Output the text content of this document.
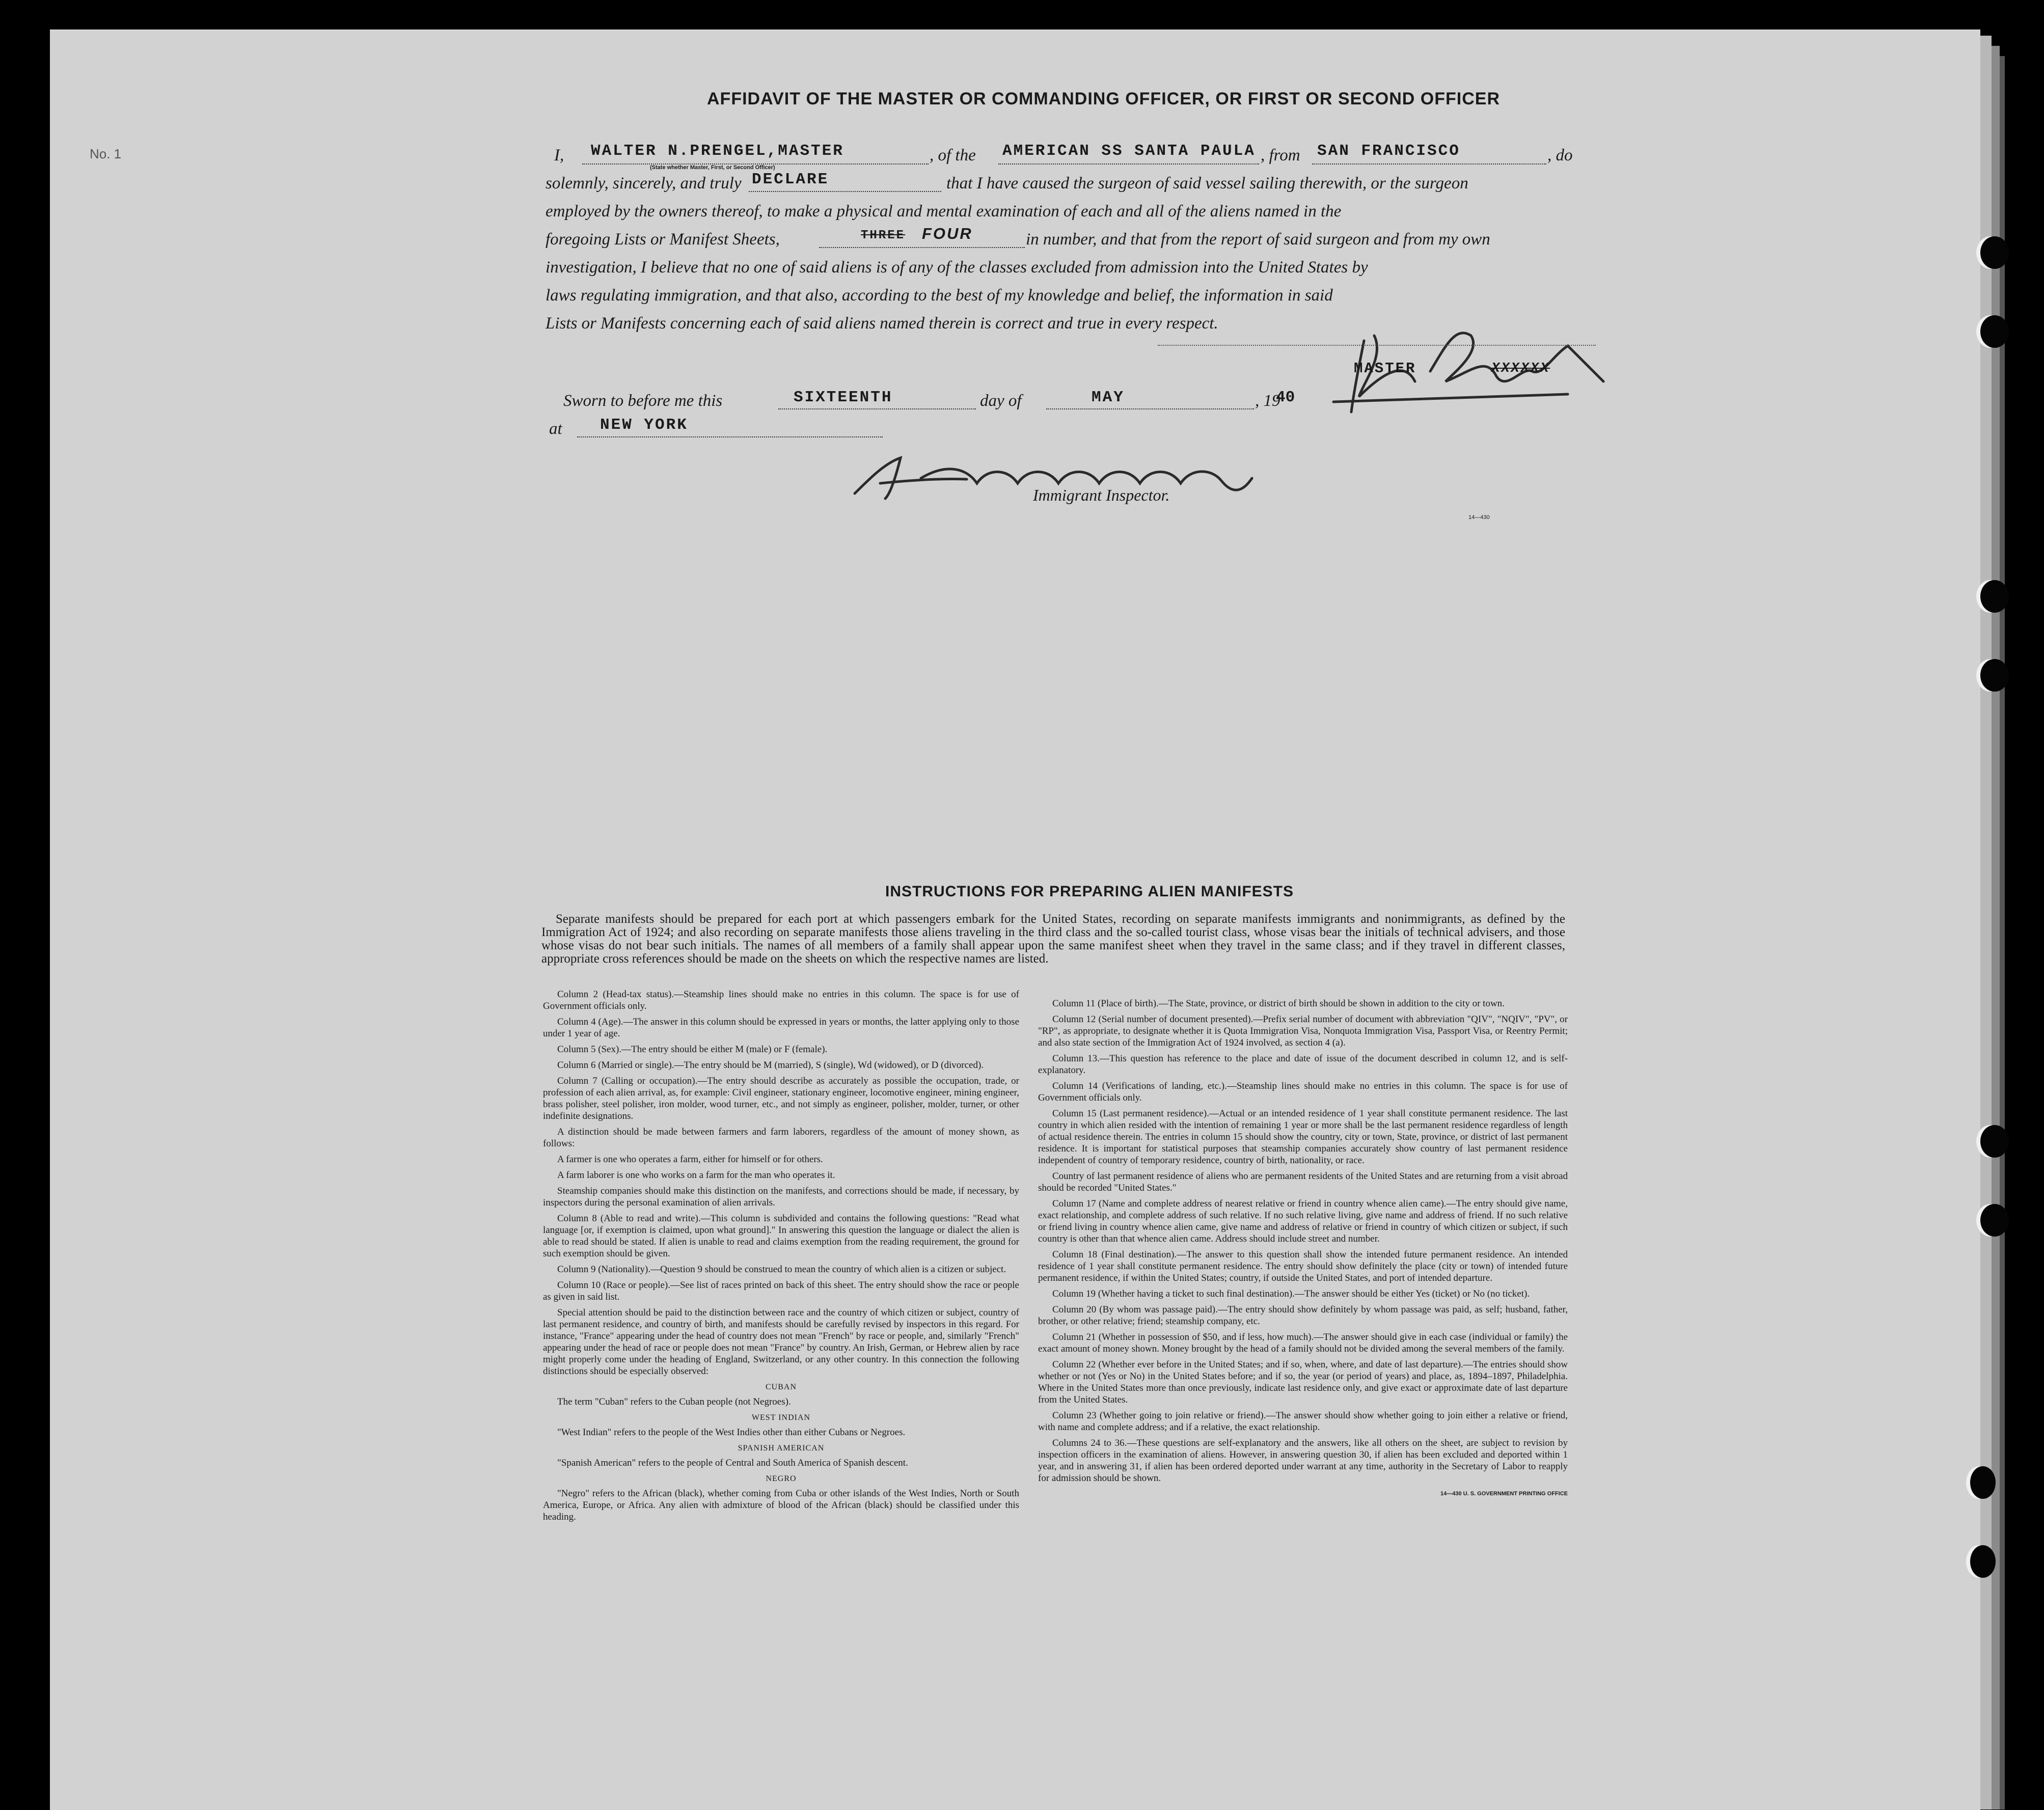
AFFIDAVIT OF THE MASTER OR COMMANDING OFFICER, OR FIRST OR SECOND OFFICER
No. 1	I, WALTER N.PRENGEL,MASTER	, of the AMERICAN SS SANTA PAULA , from SAN FRANCISCO	, do
(State whether Master, First, or Second Officer)
solemnly, sincerely, and truly DECLARE	that I have caused the surgeon of said vessel sailing therewith, or the surgeon
employed by the owners thereof, to make a physical and mental examination of each and all of the aliens named in the
foregoing Lists or Manifest Sheets,	THREE FOUR	in number, and that from the report of said surgeon and from my own
investigation, I believe that no one of said aliens is of any of the classes excluded from admission into the United States by
laws regulating immigration, and that also, according to the best of my knowledge and belief, the information in said
Lists or Manifests concerning each of said aliens named therein is correct and true in every respect.
MASTER	XXXXXX
Sworn to before me this	SIXTEENTH	day of	MAY	, 19
40
at NEW YORK
Immigrant Inspector.
14—430
INSTRUCTIONS FOR PREPARING ALIEN MANIFESTS

Separate manifests should be prepared for each port at which passengers embark for the United States, recording on separate manifests immigrants and nonimmigrants, as defined by the Immigration Act of 1924; and also recording on separate manifests those aliens traveling in the third class and the so-called tourist class, whose visas bear the initials of technical advisers, and those whose visas do not bear such initials. The names of all members of a family shall appear upon the same manifest sheet when they travel in the same class; and if they travel in different classes, appropriate cross references should be made on the sheets on which the respective names are listed.

Column 2 (Head-tax status).—Steamship lines should make no entries in this column. The space is for use of Government officials only.

Column 4 (Age).—The answer in this column should be expressed in years or months, the latter applying only to those under 1 year of age.

Column 5 (Sex).—The entry should be either M (male) or F (female).

Column 6 (Married or single).—The entry should be M (married), S (single), Wd (widowed), or D (divorced).

Column 7 (Calling or occupation).—The entry should describe as accurately as possible the occupation, trade, or profession of each alien arrival, as, for example: Civil engineer, stationary engineer, locomotive engineer, mining engineer, brass polisher, steel polisher, iron molder, wood turner, etc., and not simply as engineer, polisher, molder, turner, or other indefinite designations.

A distinction should be made between farmers and farm laborers, regardless of the amount of money shown, as follows:

A farmer is one who operates a farm, either for himself or for others.

A farm laborer is one who works on a farm for the man who operates it.

Steamship companies should make this distinction on the manifests, and corrections should be made, if necessary, by inspectors during the personal examination of alien arrivals.

Column 8 (Able to read and write).—This column is subdivided and contains the following questions: "Read what language [or, if exemption is claimed, upon what ground]." In answering this question the language or dialect the alien is able to read should be stated. If alien is unable to read and claims exemption from the reading requirement, the ground for such exemption should be given.

Column 9 (Nationality).—Question 9 should be construed to mean the country of which alien is a citizen or subject.

Column 10 (Race or people).—See list of races printed on back of this sheet. The entry should show the race or people as given in said list.

Special attention should be paid to the distinction between race and the country of which citizen or subject, country of last permanent residence, and country of birth, and manifests should be carefully revised by inspectors in this regard. For instance, "France" appearing under the head of country does not mean "French" by race or people, and, similarly "French" appearing under the head of race or people does not mean "France" by country. An Irish, German, or Hebrew alien by race might properly come under the heading of England, Switzerland, or any other country. In this connection the following distinctions should be especially observed:

CUBAN

The term "Cuban" refers to the Cuban people (not Negroes).

WEST INDIAN

"West Indian" refers to the people of the West Indies other than either Cubans or Negroes.

SPANISH AMERICAN

"Spanish American" refers to the people of Central and South America of Spanish descent.

NEGRO

"Negro" refers to the African (black), whether coming from Cuba or other islands of the West Indies, North or South America, Europe, or Africa. Any alien with admixture of blood of the African (black) should be classified under this heading.

Column 11 (Place of birth).—The State, province, or district of birth should be shown in addition to the city or town.

Column 12 (Serial number of document presented).—Prefix serial number of document with abbreviation "QIV", "NQIV", "PV", or "RP", as appropriate, to designate whether it is Quota Immigration Visa, Nonquota Immigration Visa, Passport Visa, or Reentry Permit; and also state section of the Immigration Act of 1924 involved, as section 4 (a).

Column 13.—This question has reference to the place and date of issue of the document described in column 12, and is self-explanatory.

Column 14 (Verifications of landing, etc.).—Steamship lines should make no entries in this column. The space is for use of Government officials only.

Column 15 (Last permanent residence).—Actual or an intended residence of 1 year shall constitute permanent residence. The last country in which alien resided with the intention of remaining 1 year or more shall be the last permanent residence regardless of length of actual residence therein. The entries in column 15 should show the country, city or town, State, province, or district of last permanent residence. It is important for statistical purposes that steamship companies accurately show country of last permanent residence independent of country of temporary residence, country of birth, nationality, or race.

Country of last permanent residence of aliens who are permanent residents of the United States and are returning from a visit abroad should be recorded "United States."

Column 17 (Name and complete address of nearest relative or friend in country whence alien came).—The entry should give name, exact relationship, and complete address of such relative. If no such relative living, give name and address of friend. If no such relative or friend living in country whence alien came, give name and address of relative or friend in country of which citizen or subject, if such country is other than that whence alien came. Address should include street and number.

Column 18 (Final destination).—The answer to this question shall show the intended future permanent residence. An intended residence of 1 year shall constitute permanent residence. The entry should show definitely the place (city or town) of intended future permanent residence, if within the United States; country, if outside the United States, and port of intended departure.

Column 19 (Whether having a ticket to such final destination).—The answer should be either Yes (ticket) or No (no ticket).

Column 20 (By whom was passage paid).—The entry should show definitely by whom passage was paid, as self; husband, father, brother, or other relative; friend; steamship company, etc.

Column 21 (Whether in possession of $50, and if less, how much).—The answer should give in each case (individual or family) the exact amount of money shown. Money brought by the head of a family should not be divided among the several members of the family.

Column 22 (Whether ever before in the United States; and if so, when, where, and date of last departure).—The entries should show whether or not (Yes or No) in the United States before; and if so, the year (or period of years) and place, as, 1894–1897, Philadelphia. Where in the United States more than once previously, indicate last residence only, and give exact or approximate date of last departure from the United States.

Column 23 (Whether going to join relative or friend).—The answer should show whether going to join either a relative or friend, with name and complete address; and if a relative, the exact relationship.

Columns 24 to 36.—These questions are self-explanatory and the answers, like all others on the sheet, are subject to revision by inspection officers in the examination of aliens. However, in answering question 30, if alien has been excluded and deported within 1 year, and in answering 31, if alien has been ordered deported under warrant at any time, authority in the Secretary of Labor to reapply for admission should be shown.

14—430 U. S. GOVERNMENT PRINTING OFFICE
